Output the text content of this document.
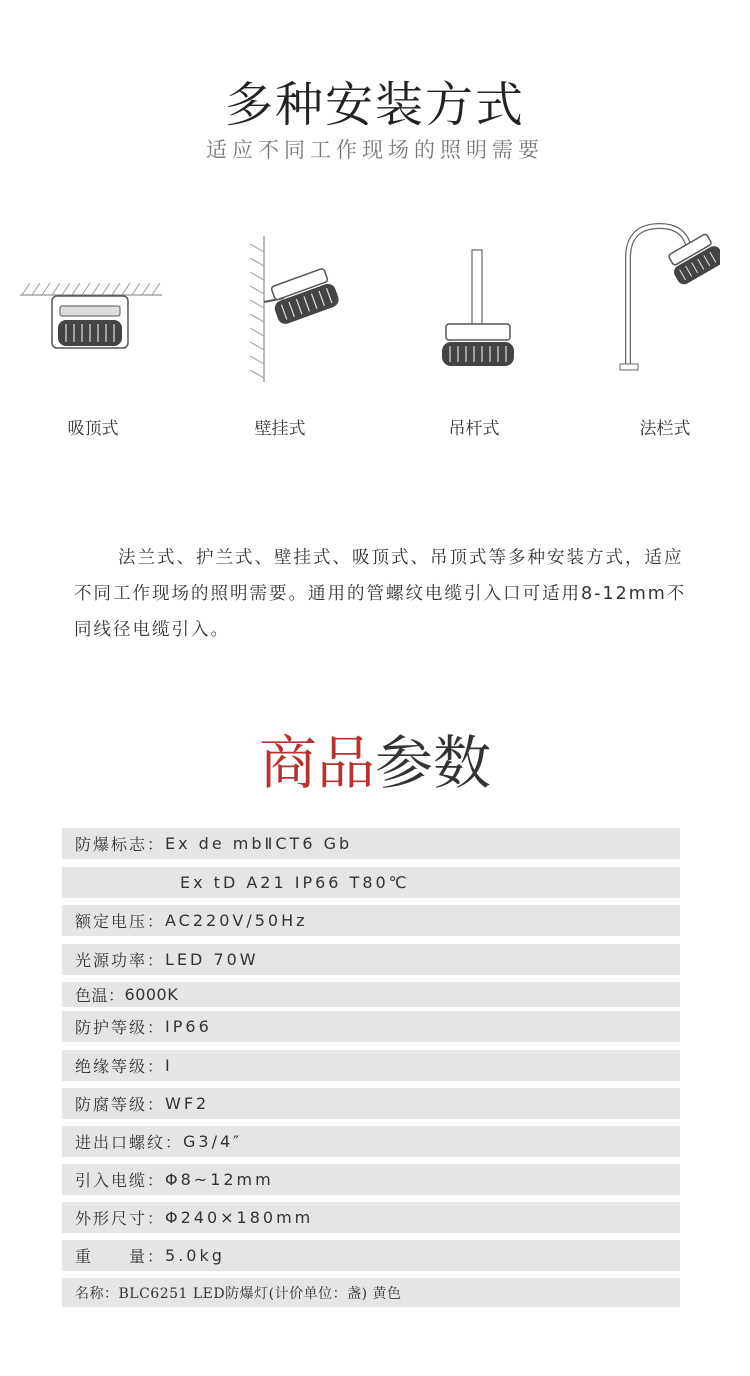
多种安装方式
适应不同工作现场的照明需要
吸顶式	壁挂式	吊杆式	法栏式
法兰式、护兰式、壁挂式、吸顶式、吊顶式等多种安装方式，适应不同工作现场的照明需要。通用的管螺纹电缆引入口可适用8-12mm不同线径电缆引入。
商品参数
防爆标志： Ex de mbⅡCT6 Gb
Ex tD A21 IP66 T80℃
额定电压： AC220V/50Hz
光源功率： LED 70W
色温： 6000K
防护等级： IP66
绝缘等级： Ⅰ
防腐等级： WF2
进出口螺纹： G3/4″
引入电缆： Φ8~12mm
外形尺寸： Φ240×180mm
重　　量： 5.0kg
名称： BLC6251 LED防爆灯(计价单位：盏) 黄色
